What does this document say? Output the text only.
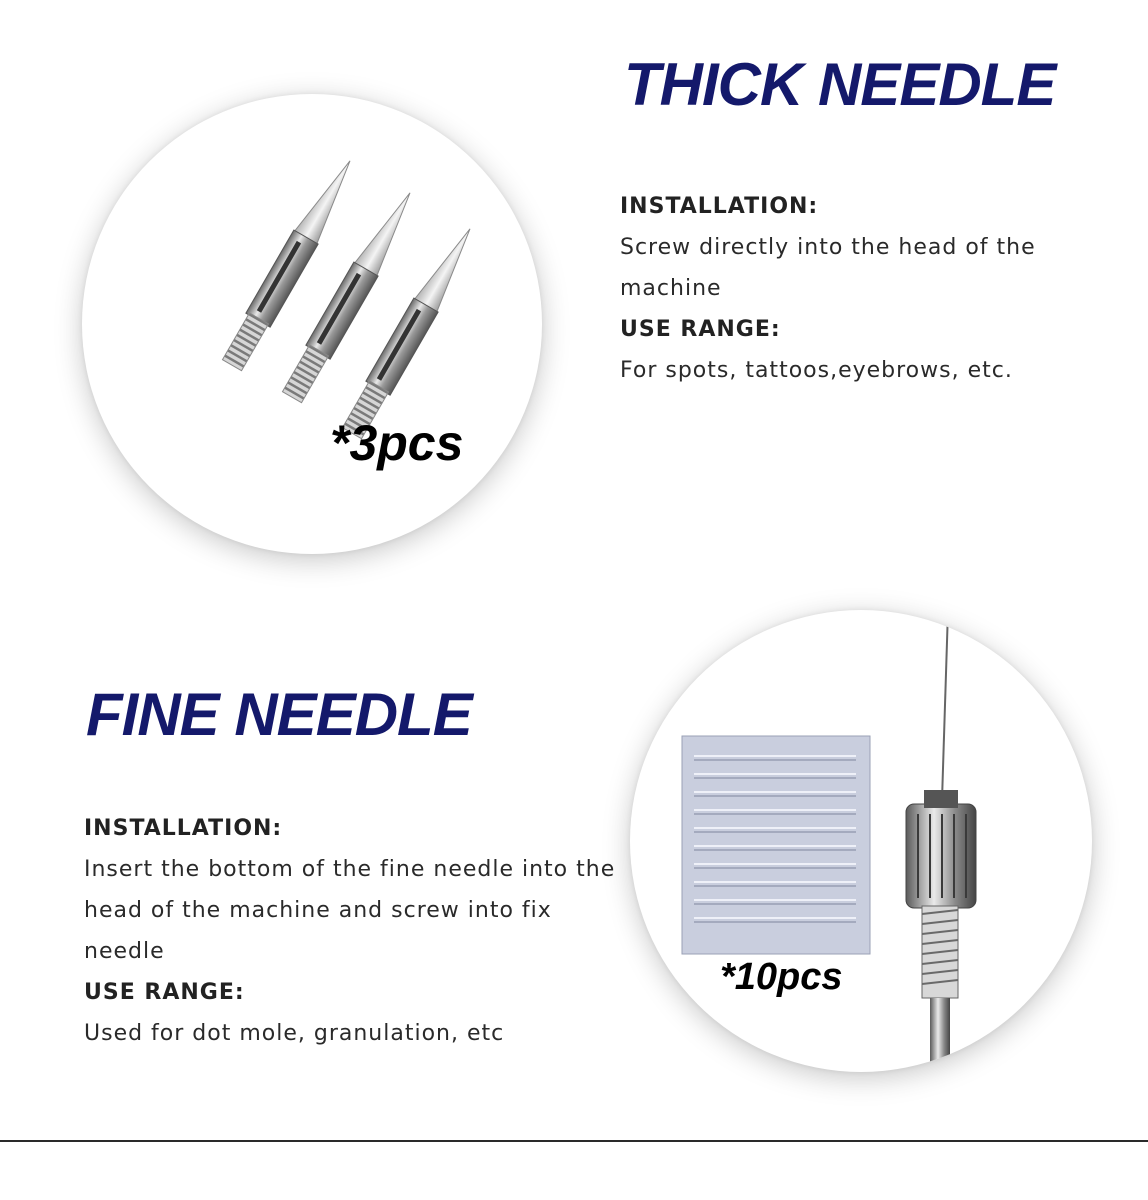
*3pcs
THICK NEEDLE
INSTALLATION:
Screw directly into the head of the machine
USE RANGE:
For spots, tattoos,eyebrows, etc.
FINE NEEDLE
INSTALLATION:
Insert the bottom of the fine needle into the head of the machine and screw into fix needle
USE RANGE:
Used for dot mole, granulation, etc
*10pcs
